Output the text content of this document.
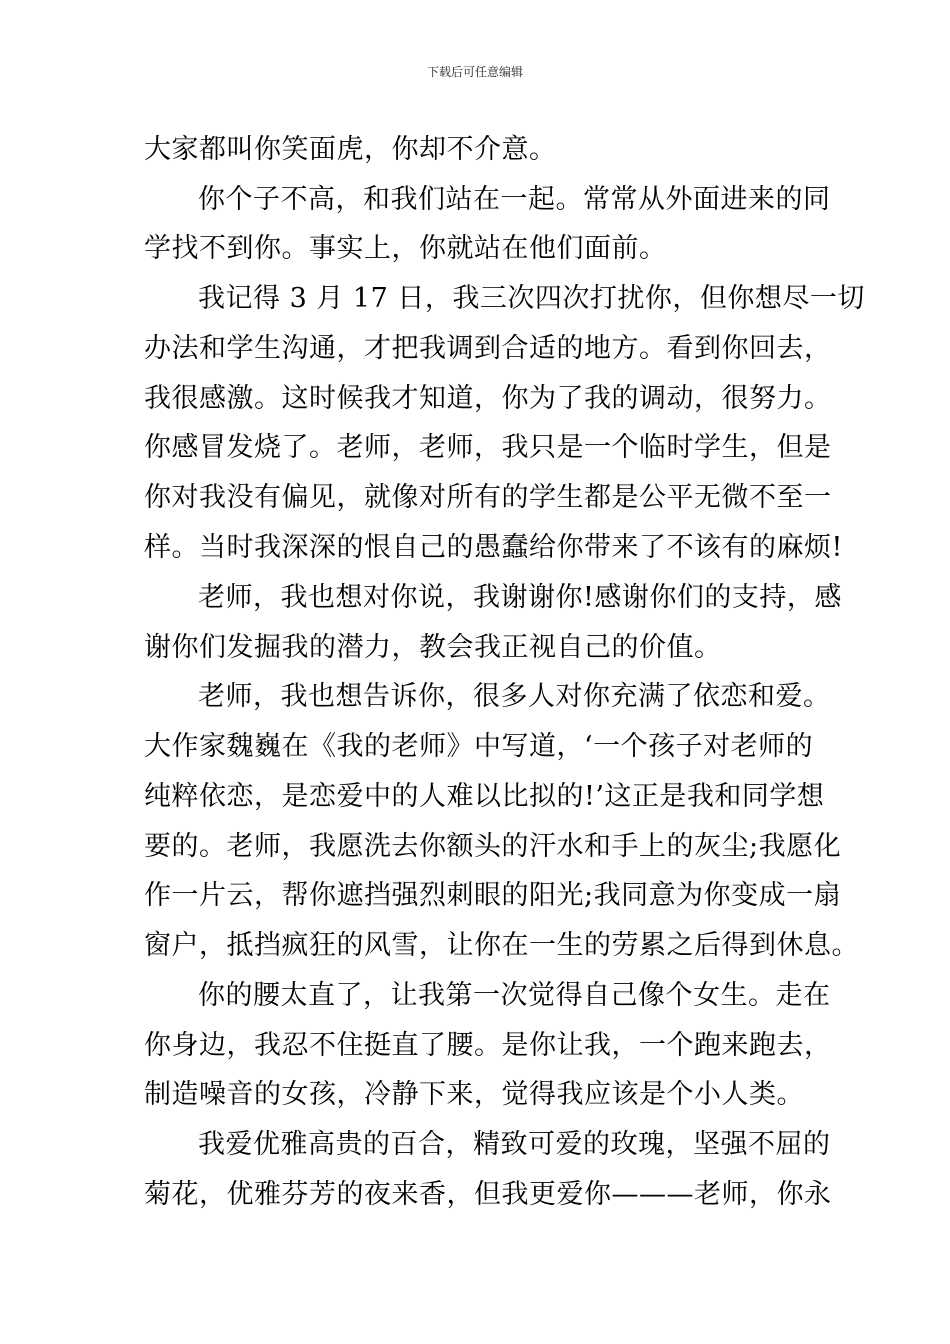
下载后可任意编辑
大家都叫你笑面虎，你却不介意。
你个子不高，和我们站在一起。常常从外面进来的同
学找不到你。事实上，你就站在他们面前。
我记得 3 月 17 日，我三次四次打扰你，但你想尽一切
办法和学生沟通，才把我调到合适的地方。看到你回去，
我很感激。这时候我才知道，你为了我的调动，很努力。
你感冒发烧了。老师，老师，我只是一个临时学生，但是
你对我没有偏见，就像对所有的学生都是公平无微不至一
样。当时我深深的恨自己的愚蠢给你带来了不该有的麻烦!
老师，我也想对你说，我谢谢你!感谢你们的支持，感
谢你们发掘我的潜力，教会我正视自己的价值。
老师，我也想告诉你，很多人对你充满了依恋和爱。
大作家魏巍在《我的老师》中写道，‘一个孩子对老师的
纯粹依恋，是恋爱中的人难以比拟的!’这正是我和同学想
要的。老师，我愿洗去你额头的汗水和手上的灰尘;我愿化
作一片云，帮你遮挡强烈刺眼的阳光;我同意为你变成一扇
窗户，抵挡疯狂的风雪，让你在一生的劳累之后得到休息。
你的腰太直了，让我第一次觉得自己像个女生。走在
你身边，我忍不住挺直了腰。是你让我，一个跑来跑去，
制造噪音的女孩，冷静下来，觉得我应该是个小人类。
我爱优雅高贵的百合，精致可爱的玫瑰，坚强不屈的
菊花，优雅芬芳的夜来香，但我更爱你———老师，你永
